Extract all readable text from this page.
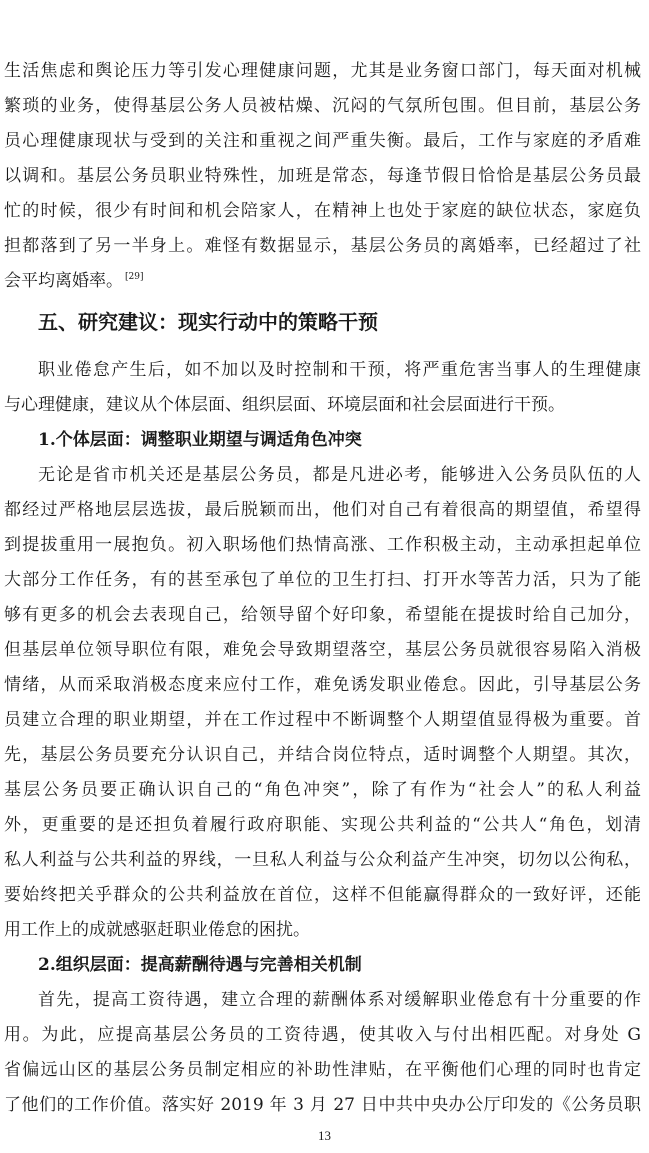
生活焦虑和舆论压力等引发心理健康问题，尤其是业务窗口部门，每天面对机械
繁琐的业务，使得基层公务人员被枯燥、沉闷的气氛所包围。但目前，基层公务
员心理健康现状与受到的关注和重视之间严重失衡。最后，工作与家庭的矛盾难
以调和。基层公务员职业特殊性，加班是常态，每逢节假日恰恰是基层公务员最
忙的时候，很少有时间和机会陪家人，在精神上也处于家庭的缺位状态，家庭负
担都落到了另一半身上。难怪有数据显示，基层公务员的离婚率，已经超过了社
会平均离婚率。 [29]
五、研究建议：现实行动中的策略干预
职业倦怠产生后，如不加以及时控制和干预，将严重危害当事人的生理健康
与心理健康，建议从个体层面、组织层面、环境层面和社会层面进行干预。
1.个体层面：调整职业期望与调适角色冲突
无论是省市机关还是基层公务员，都是凡进必考，能够进入公务员队伍的人
都经过严格地层层选拔，最后脱颖而出，他们对自己有着很高的期望值，希望得
到提拔重用一展抱负。初入职场他们热情高涨、工作积极主动，主动承担起单位
大部分工作任务，有的甚至承包了单位的卫生打扫、打开水等苦力活，只为了能
够有更多的机会去表现自己，给领导留个好印象，希望能在提拔时给自己加分，
但基层单位领导职位有限，难免会导致期望落空，基层公务员就很容易陷入消极
情绪，从而采取消极态度来应付工作，难免诱发职业倦怠。因此，引导基层公务
员建立合理的职业期望，并在工作过程中不断调整个人期望值显得极为重要。首
先，基层公务员要充分认识自己，并结合岗位特点，适时调整个人期望。其次，
基层公务员要正确认识自己的“角色冲突”，除了有作为“社会人”的私人利益
外，更重要的是还担负着履行政府职能、实现公共利益的“公共人“角色，划清
私人利益与公共利益的界线，一旦私人利益与公众利益产生冲突，切勿以公徇私，
要始终把关乎群众的公共利益放在首位，这样不但能赢得群众的一致好评，还能
用工作上的成就感驱赶职业倦怠的困扰。
2.组织层面：提高薪酬待遇与完善相关机制
首先，提高工资待遇，建立合理的薪酬体系对缓解职业倦怠有十分重要的作
用。为此，应提高基层公务员的工资待遇，使其收入与付出相匹配。对身处 G
省偏远山区的基层公务员制定相应的补助性津贴，在平衡他们心理的同时也肯定
了他们的工作价值。落实好 2019 年 3 月 27 日中共中央办公厅印发的《公务员职
13
